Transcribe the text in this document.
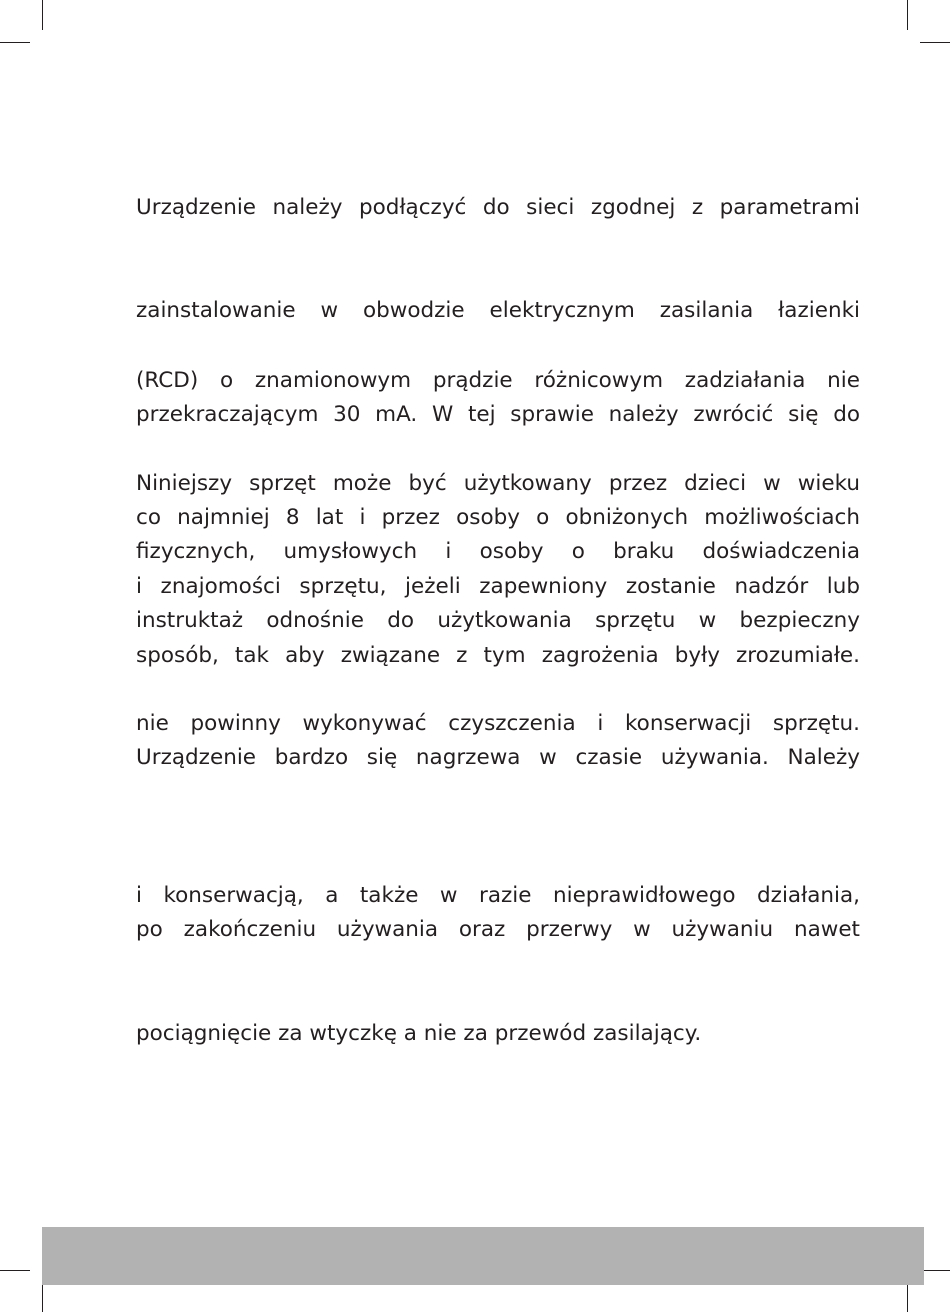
Urządzenie należy podłączyć do sieci zgodnej z parametrami
zainstalowanie w obwodzie elektrycznym zasilania łazienki
(RCD) o znamionowym prądzie różnicowym zadziałania nie
przekraczającym 30 mA. W tej sprawie należy zwrócić się do
Niniejszy sprzęt może być użytkowany przez dzieci w wieku
co najmniej 8 lat i przez osoby o obniżonych możliwościach
fizycznych, umysłowych i osoby o braku doświadczenia
i znajomości sprzętu, jeżeli zapewniony zostanie nadzór lub
instruktaż odnośnie do użytkowania sprzętu w bezpieczny
sposób, tak aby związane z tym zagrożenia były zrozumiałe.
nie powinny wykonywać czyszczenia i konserwacji sprzętu.
Urządzenie bardzo się nagrzewa w czasie używania. Należy
i konserwacją, a także w razie nieprawidłowego działania,
po zakończeniu używania oraz przerwy w używaniu nawet
pociągnięcie za wtyczkę a nie za przewód zasilający.
